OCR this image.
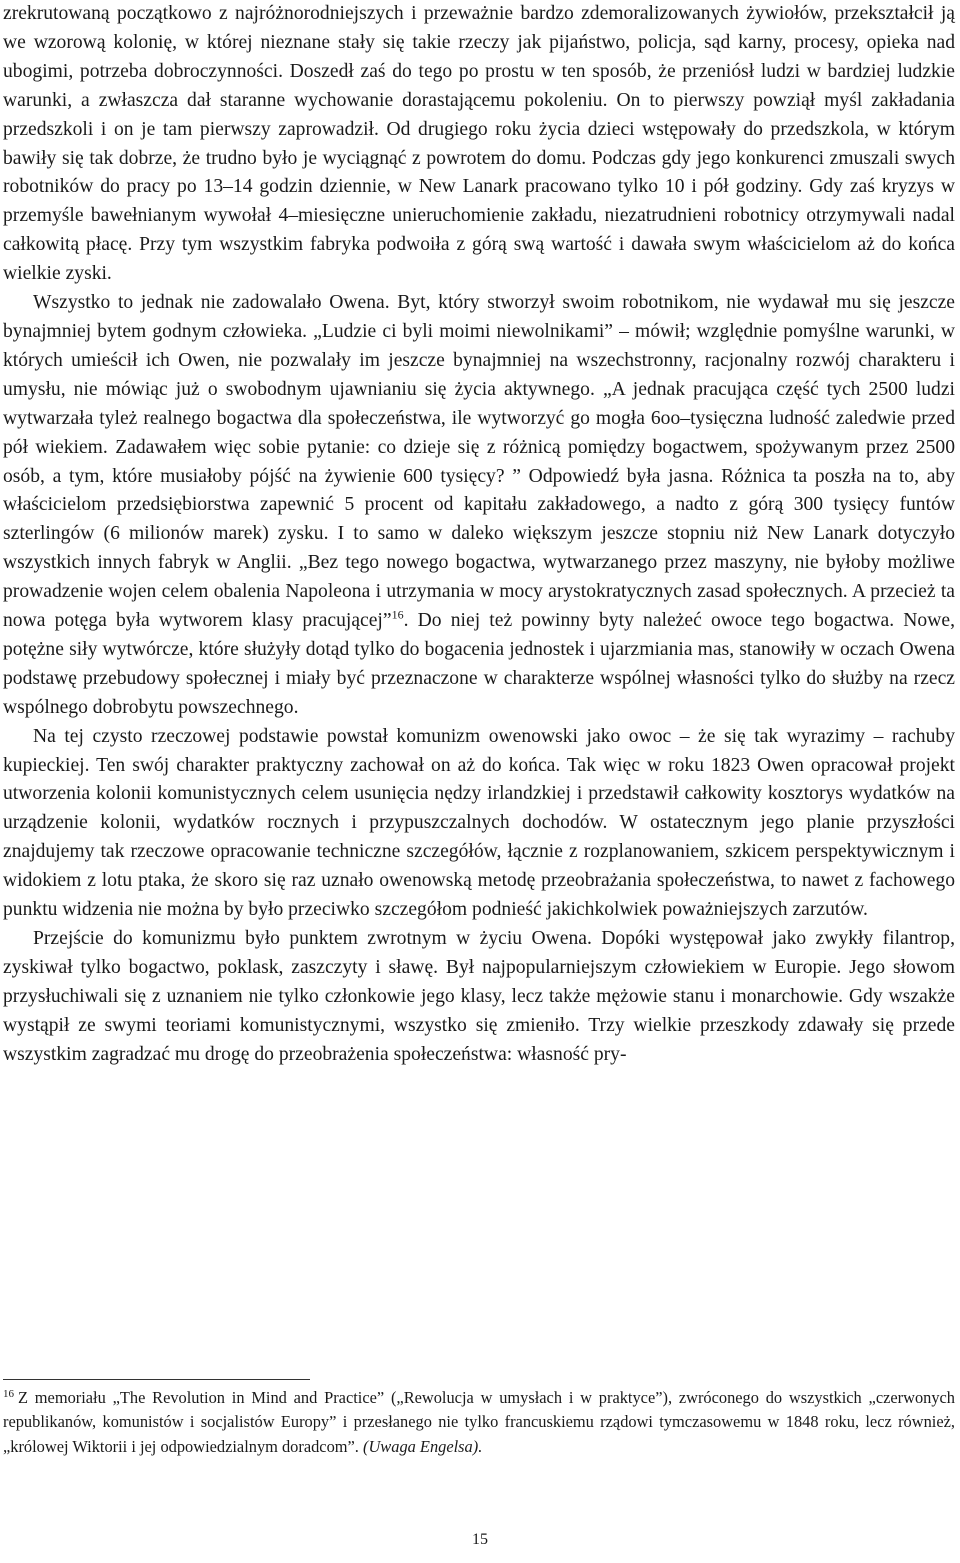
zrekrutowaną początkowo z najróżnorodniejszych i przeważnie bardzo zdemoralizowanych żywiołów, przekształcił ją we wzorową kolonię, w której nieznane stały się takie rzeczy jak pijaństwo, policja, sąd karny, procesy, opieka nad ubogimi, potrzeba dobroczynności. Doszedł zaś do tego po prostu w ten sposób, że przeniósł ludzi w bardziej ludzkie warunki, a zwłaszcza dał staranne wychowanie dorastającemu pokoleniu. On to pierwszy powziął myśl zakładania przedszkoli i on je tam pierwszy zaprowadził. Od drugiego roku życia dzieci wstępowały do przedszkola, w którym bawiły się tak dobrze, że trudno było je wyciągnąć z powrotem do domu. Podczas gdy jego konkurenci zmuszali swych robotników do pracy po 13–14 godzin dziennie, w New Lanark pracowano tylko 10 i pół godziny. Gdy zaś kryzys w przemyśle bawełnianym wywołał 4–miesięczne unieruchomienie zakładu, niezatrudnieni robotnicy otrzymywali nadal całkowitą płacę. Przy tym wszystkim fabryka podwoiła z górą swą wartość i dawała swym właścicielom aż do końca wielkie zyski.

Wszystko to jednak nie zadowalało Owena. Byt, który stworzył swoim robotnikom, nie wydawał mu się jeszcze bynajmniej bytem godnym człowieka. „Ludzie ci byli moimi niewolnikami” – mówił; względnie pomyślne warunki, w których umieścił ich Owen, nie pozwalały im jeszcze bynajmniej na wszechstronny, racjonalny rozwój charakteru i umysłu, nie mówiąc już o swobodnym ujawnianiu się życia aktywnego. „A jednak pracująca część tych 2500 ludzi wytwarzała tyleż realnego bogactwa dla społeczeństwa, ile wytworzyć go mogła 6oo–tysięczna ludność zaledwie przed pół wiekiem. Zadawałem więc sobie pytanie: co dzieje się z różnicą pomiędzy bogactwem, spożywanym przez 2500 osób, a tym, które musiałoby pójść na żywienie 600 tysięcy? ” Odpowiedź była jasna. Różnica ta poszła na to, aby właścicielom przedsiębiorstwa zapewnić 5 procent od kapitału zakładowego, a nadto z górą 300 tysięcy funtów szterlingów (6 milionów marek) zysku. I to samo w daleko większym jeszcze stopniu niż New Lanark dotyczyło wszystkich innych fabryk w Anglii. „Bez tego nowego bogactwa, wytwarzanego przez maszyny, nie byłoby możliwe prowadzenie wojen celem obalenia Napoleona i utrzymania w mocy arystokratycznych zasad społecznych. A przecież ta nowa potęga była wytworem klasy pracującej”$^{16}$. Do niej też powinny byty należeć owoce tego bogactwa. Nowe, potężne siły wytwórcze, które służyły dotąd tylko do bogacenia jednostek i ujarzmiania mas, stanowiły w oczach Owena podstawę przebudowy społecznej i miały być przeznaczone w charakterze wspólnej własności tylko do służby na rzecz wspólnego dobrobytu powszechnego.

Na tej czysto rzeczowej podstawie powstał komunizm owenowski jako owoc – że się tak wyrazimy – rachuby kupieckiej. Ten swój charakter praktyczny zachował on aż do końca. Tak więc w roku 1823 Owen opracował projekt utworzenia kolonii komunistycznych celem usunięcia nędzy irlandzkiej i przedstawił całkowity kosztorys wydatków na urządzenie kolonii, wydatków rocznych i przypuszczalnych dochodów. W ostatecznym jego planie przyszłości znajdujemy tak rzeczowe opracowanie techniczne szczegółów, łącznie z rozplanowaniem, szkicem perspektywicznym i widokiem z lotu ptaka, że skoro się raz uznało owenowską metodę przeobrażania społeczeństwa, to nawet z fachowego punktu widzenia nie można by było przeciwko szczegółom podnieść jakichkolwiek poważniejszych zarzutów.

Przejście do komunizmu było punktem zwrotnym w życiu Owena. Dopóki występował jako zwykły filantrop, zyskiwał tylko bogactwo, poklask, zaszczyty i sławę. Był najpopularniejszym człowiekiem w Europie. Jego słowom przysłuchiwali się z uznaniem nie tylko członkowie jego klasy, lecz także mężowie stanu i monarchowie. Gdy wszakże wystąpił ze swymi teoriami komunistycznymi, wszystko się zmieniło. Trzy wielkie przeszkody zdawały się przede wszystkim zagradzać mu drogę do przeobrażenia społeczeństwa: własność pry-

$^{16}$ Z memoriału „The Revolution in Mind and Practice” („Rewolucja w umysłach i w praktyce”), zwróconego do wszystkich „czerwonych republikanów, komunistów i socjalistów Europy” i przesłanego nie tylko francuskiemu rządowi tymczasowemu w 1848 roku, lecz również, „królowej Wiktorii i jej odpowiedzialnym doradcom”. (Uwaga Engelsa).

15
